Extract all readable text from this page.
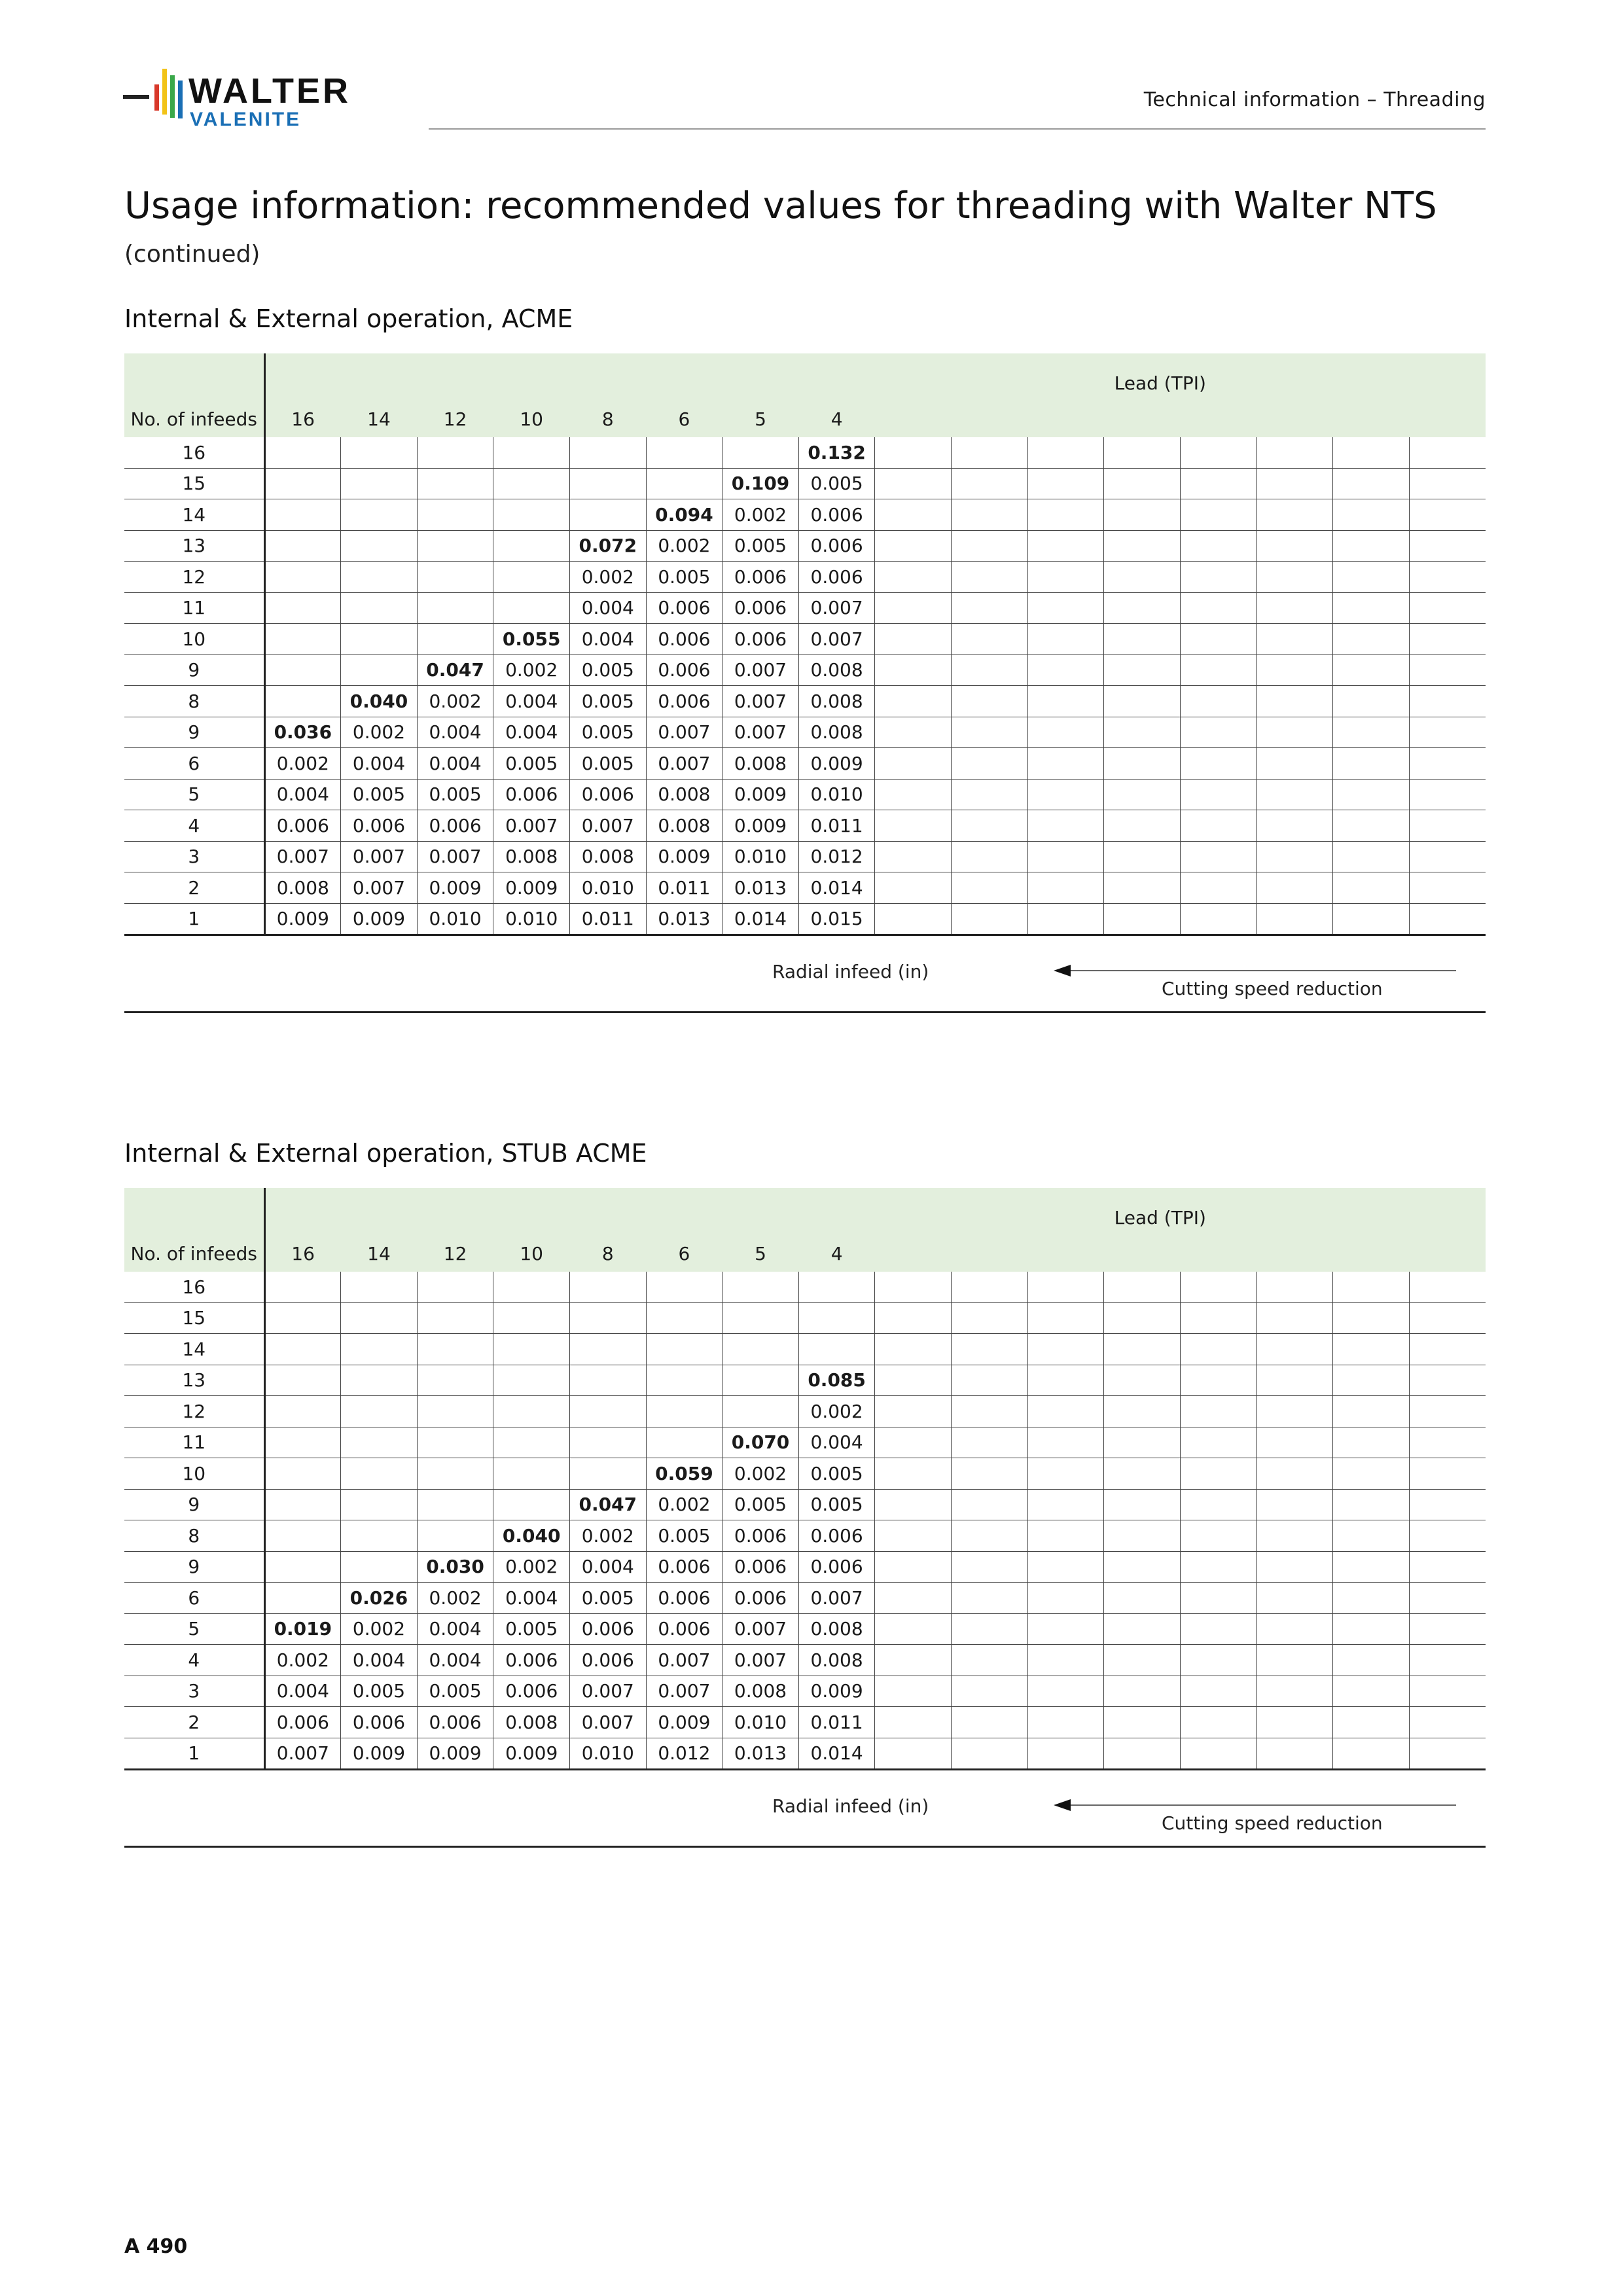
WALTER
VALENITE
Technical information – Threading
Usage information: recommended values for threading with Walter NTS
(continued)
Internal & External operation, ACME
	Lead (TPI)															
No. of infeeds	16	14	12	10	8	6	5	4								
16								0.132								
15							0.109	0.005								
14						0.094	0.002	0.006								
13					0.072	0.002	0.005	0.006								
12					0.002	0.005	0.006	0.006								
11					0.004	0.006	0.006	0.007								
10				0.055	0.004	0.006	0.006	0.007								
9			0.047	0.002	0.005	0.006	0.007	0.008								
8		0.040	0.002	0.004	0.005	0.006	0.007	0.008								
9	0.036	0.002	0.004	0.004	0.005	0.007	0.007	0.008								
6	0.002	0.004	0.004	0.005	0.005	0.007	0.008	0.009								
5	0.004	0.005	0.005	0.006	0.006	0.008	0.009	0.010								
4	0.006	0.006	0.006	0.007	0.007	0.008	0.009	0.011								
3	0.007	0.007	0.007	0.008	0.008	0.009	0.010	0.012								
2	0.008	0.007	0.009	0.009	0.010	0.011	0.013	0.014								
1	0.009	0.009	0.010	0.010	0.011	0.013	0.014	0.015								
Radial infeed (in)
Cutting speed reduction
Internal & External operation, STUB ACME
	Lead (TPI)															
No. of infeeds	16	14	12	10	8	6	5	4								
16																
15																
14																
13								0.085								
12								0.002								
11							0.070	0.004								
10						0.059	0.002	0.005								
9					0.047	0.002	0.005	0.005								
8				0.040	0.002	0.005	0.006	0.006								
9			0.030	0.002	0.004	0.006	0.006	0.006								
6		0.026	0.002	0.004	0.005	0.006	0.006	0.007								
5	0.019	0.002	0.004	0.005	0.006	0.006	0.007	0.008								
4	0.002	0.004	0.004	0.006	0.006	0.007	0.007	0.008								
3	0.004	0.005	0.005	0.006	0.007	0.007	0.008	0.009								
2	0.006	0.006	0.006	0.008	0.007	0.009	0.010	0.011								
1	0.007	0.009	0.009	0.009	0.010	0.012	0.013	0.014								
Radial infeed (in)
Cutting speed reduction
A 490
